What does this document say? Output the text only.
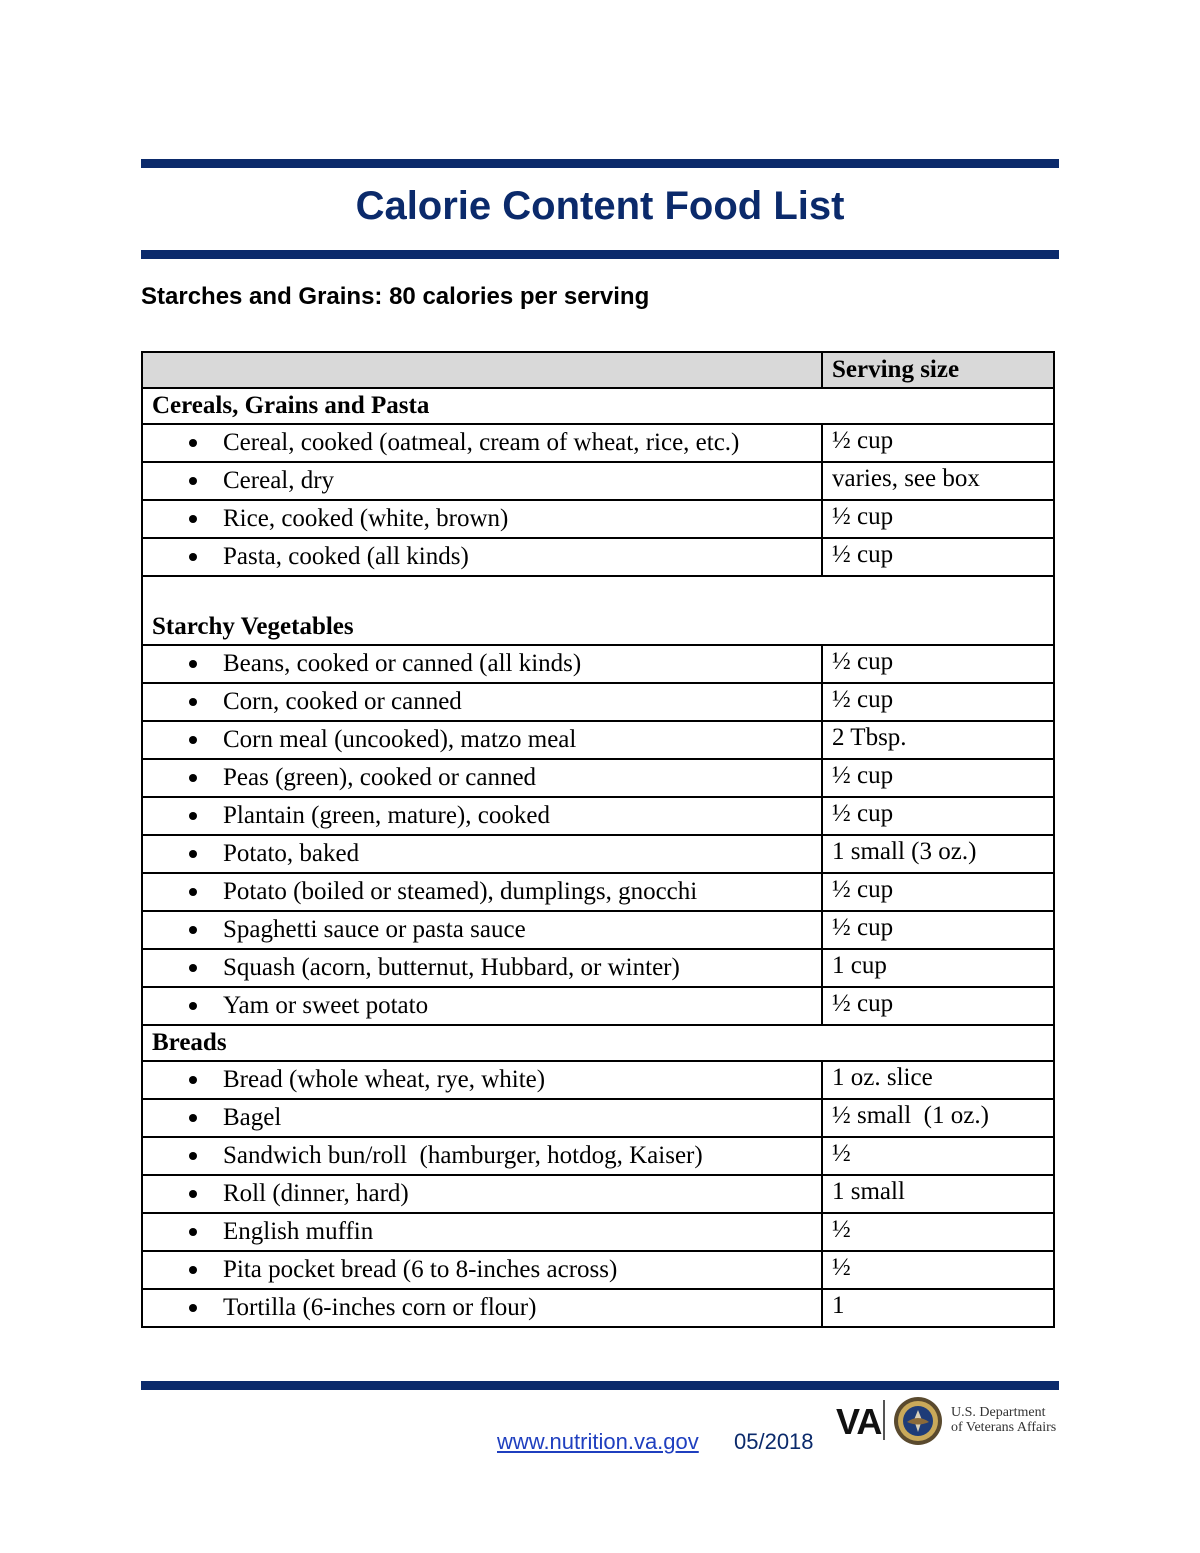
Calorie Content Food List
Starches and Grains: 80 calories per serving
	Serving size
Cereals, Grains and Pasta	

Cereal, cooked (oatmeal, cream of wheat, rice, etc.)	½ cup

Cereal, dry	varies, see box

Rice, cooked (white, brown)	½ cup

Pasta, cooked (all kinds)	½ cup
Starchy Vegetables	

Beans, cooked or canned (all kinds)	½ cup

Corn, cooked or canned	½ cup

Corn meal (uncooked), matzo meal	2 Tbsp.

Peas (green), cooked or canned	½ cup

Plantain (green, mature), cooked	½ cup

Potato, baked	1 small (3 oz.)

Potato (boiled or steamed), dumplings, gnocchi	½ cup

Spaghetti sauce or pasta sauce	½ cup

Squash (acorn, butternut, Hubbard, or winter)	1 cup

Yam or sweet potato	½ cup
Breads	

Bread (whole wheat, rye, white)	1 oz. slice

Bagel	½ small  (1 oz.)

Sandwich bun/roll  (hamburger, hotdog, Kaiser)	½

Roll (dinner, hard)	1 small

English muffin	½

Pita pocket bread (6 to 8-inches across)	½

Tortilla (6-inches corn or flour)	1
www.nutrition.va.gov 05/2018 VA	U.S. Department
of Veterans Affairs
